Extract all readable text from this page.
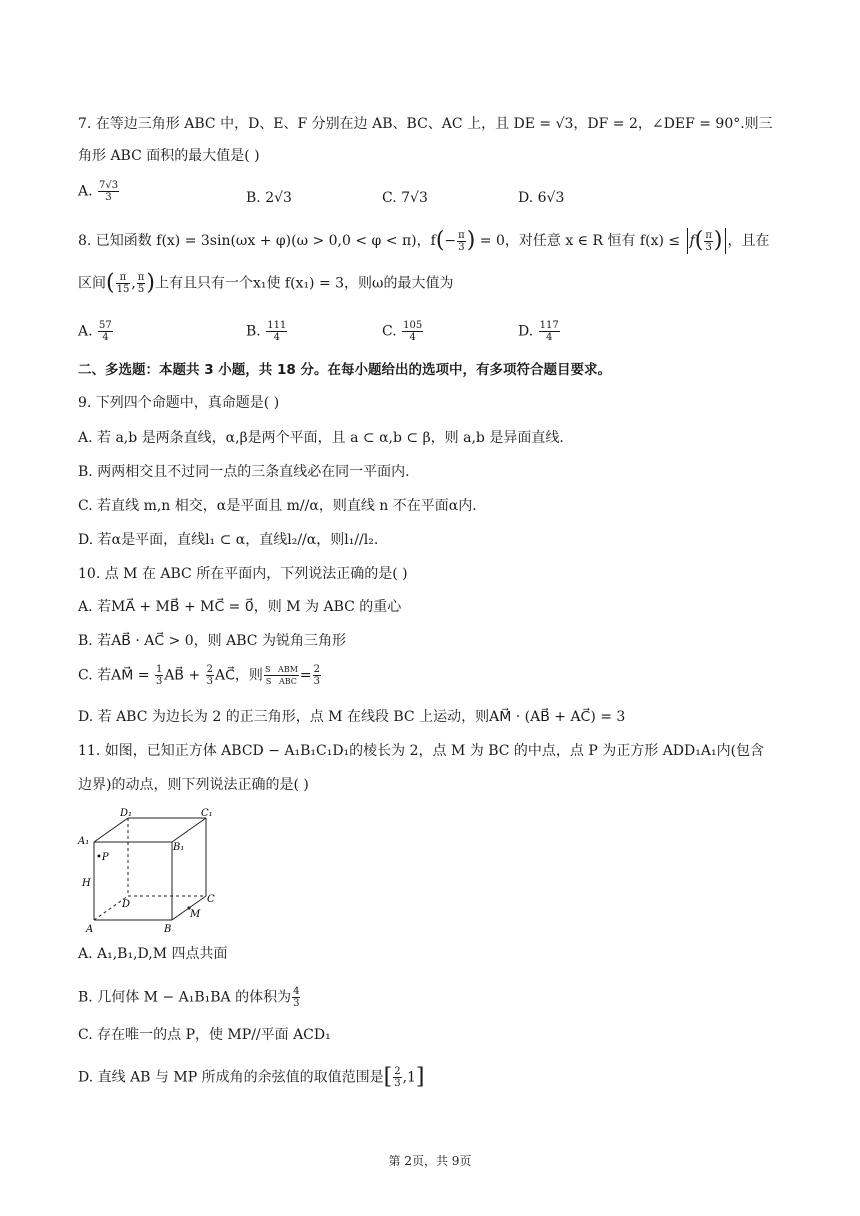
7. 在等边三角形 ABC 中，D、E、F 分别在边 AB、BC、AC 上，且 DE = √3，DF = 2，∠DEF = 90°.则三
角形 ABC 面积的最大值是( )
A. $\frac{7√3}{3}$	B. 2√3	C. 7√3	D. 6√3
8. 已知函数 f(x) = 3sin(ωx + φ)(ω > 0,0 < φ < π)，$f(- \frac{\pi}{3}$ ) = 0，对任意 x ∈ R 恒有 $f(x) \le f( \frac{\pi}{3}$ ) ，且在
区间( $\frac{\pi}{15}$ , $\frac{\pi}{5}$ )上有且只有一个x₁使 f(x₁) = 3，则ω的最大值为
A. $\frac{57}{4}$	B. $\frac{111}{4}$	C. $\frac{105}{4}$	D. $\frac{117}{4}$
二、多选题：本题共 3 小题，共 18 分。在每小题给出的选项中，有多项符合题目要求。
9. 下列四个命题中，真命题是( )
A. 若 a,b 是两条直线，α,β是两个平面，且 a ⊂ α,b ⊂ β，则 a,b 是异面直线.
B. 两两相交且不过同一点的三条直线必在同一平面内.
C. 若直线 m,n 相交，α是平面且 m//α，则直线 n 不在平面α内.
D. 若α是平面，直线l₁ ⊂ α，直线l₂//α，则l₁//l₂.
10. 点 M 在 ABC 所在平面内，下列说法正确的是( )
A. 若MA⃗ + MB⃗ + MC⃗ = 0⃗，则 M 为 ABC 的重心
B. 若AB⃗ · AC⃗ > 0，则 ABC 为锐角三角形
C. 若AM⃗ = $\frac{1}{3}$ AB⃗ + $\frac{2}{3}$ AC⃗，则 S   ABM
S   ABC = $\frac{2}{3}$
D. 若 ABC 为边长为 2 的正三角形，点 M 在线段 BC 上运动，则AM⃗ · (AB⃗ + AC⃗) = 3
11. 如图，已知正方体 ABCD − A₁B₁C₁D₁的棱长为 2，点 M 为 BC 的中点，点 P 为正方形 ADD₁A₁内(包含
边界)的动点，则下列说法正确的是( )
D₁	C₁
A₁
B₁
•P
H
D	C
M
A	B
A. A₁,B₁,D,M 四点共面
B. 几何体 M − A₁B₁BA 的体积为 $\frac{4}{3}$
C. 存在唯一的点 P，使 MP//平面 ACD₁
D. 直线 AB 与 MP 所成角的余弦值的取值范围是[ $\frac{2}{3} ,1$]
第 2页，共 9页
